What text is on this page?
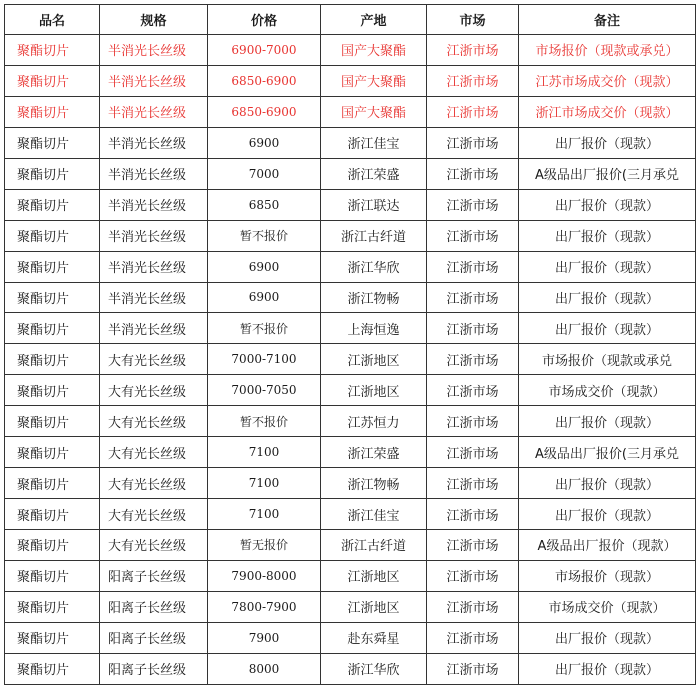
品名	规格	价格	产地	市场	备注
聚酯切片	半消光长丝级	6900-7000	国产大聚酯	江浙市场	市场报价（现款或承兑）
聚酯切片	半消光长丝级	6850-6900	国产大聚酯	江浙市场	江苏市场成交价（现款）
聚酯切片	半消光长丝级	6850-6900	国产大聚酯	江浙市场	浙江市场成交价（现款）
聚酯切片	半消光长丝级	6900	浙江佳宝	江浙市场	出厂报价（现款）
聚酯切片	半消光长丝级	7000	浙江荣盛	江浙市场	A级品出厂报价(三月承兑
聚酯切片	半消光长丝级	6850	浙江联达	江浙市场	出厂报价（现款）
聚酯切片	半消光长丝级	暂不报价	浙江古纤道	江浙市场	出厂报价（现款）
聚酯切片	半消光长丝级	6900	浙江华欣	江浙市场	出厂报价（现款）
聚酯切片	半消光长丝级	6900	浙江物畅	江浙市场	出厂报价（现款）
聚酯切片	半消光长丝级	暂不报价	上海恒逸	江浙市场	出厂报价（现款）
聚酯切片	大有光长丝级	7000-7100	江浙地区	江浙市场	市场报价（现款或承兑
聚酯切片	大有光长丝级	7000-7050	江浙地区	江浙市场	市场成交价（现款）
聚酯切片	大有光长丝级	暂不报价	江苏恒力	江浙市场	出厂报价（现款）
聚酯切片	大有光长丝级	7100	浙江荣盛	江浙市场	A级品出厂报价(三月承兑
聚酯切片	大有光长丝级	7100	浙江物畅	江浙市场	出厂报价（现款）
聚酯切片	大有光长丝级	7100	浙江佳宝	江浙市场	出厂报价（现款）
聚酯切片	大有光长丝级	暂无报价	浙江古纤道	江浙市场	A级品出厂报价（现款）
聚酯切片	阳离子长丝级	7900-8000	江浙地区	江浙市场	市场报价（现款）
聚酯切片	阳离子长丝级	7800-7900	江浙地区	江浙市场	市场成交价（现款）
聚酯切片	阳离子长丝级	7900	赴东舜星	江浙市场	出厂报价（现款）
聚酯切片	阳离子长丝级	8000	浙江华欣	江浙市场	出厂报价（现款）
